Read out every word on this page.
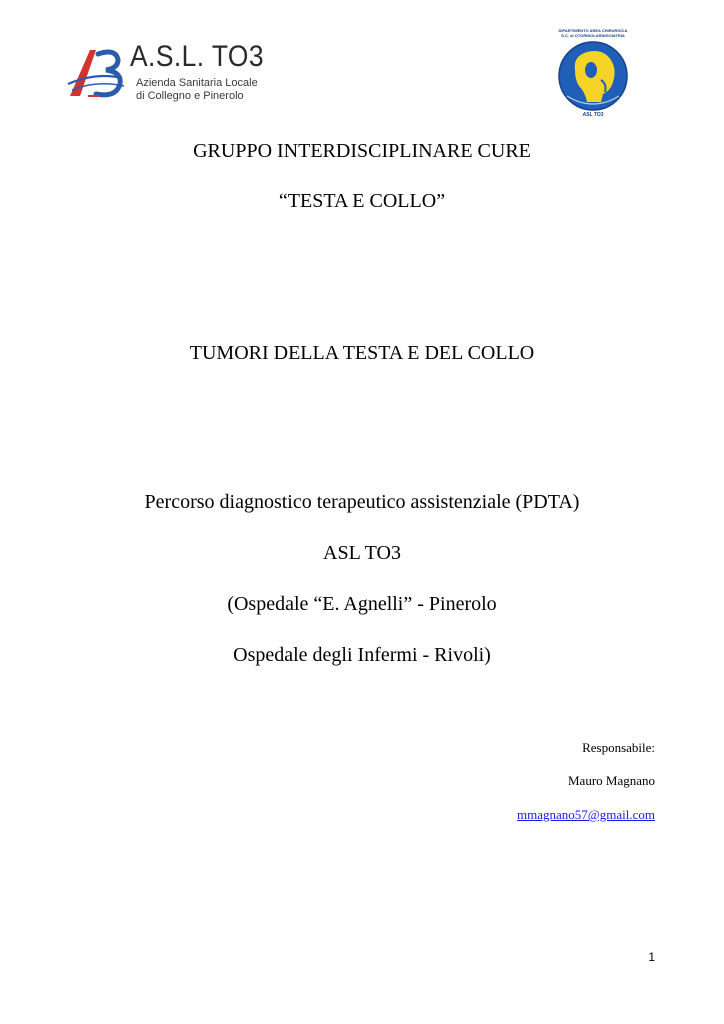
A.S.L. TO3
Azienda Sanitaria Locale
di Collegno e Pinerolo
DIPARTIMENTO AREA CHIRURGICA
S.C. di OTORINOLARINGOIATRIA
ASL TO3
GRUPPO INTERDISCIPLINARE CURE
“TESTA E COLLO”
TUMORI DELLA TESTA E DEL COLLO
Percorso diagnostico terapeutico assistenziale (PDTA)
ASL TO3
(Ospedale “E. Agnelli” - Pinerolo
Ospedale degli Infermi - Rivoli)
Responsabile:
Mauro Magnano
mmagnano57@gmail.com
1
